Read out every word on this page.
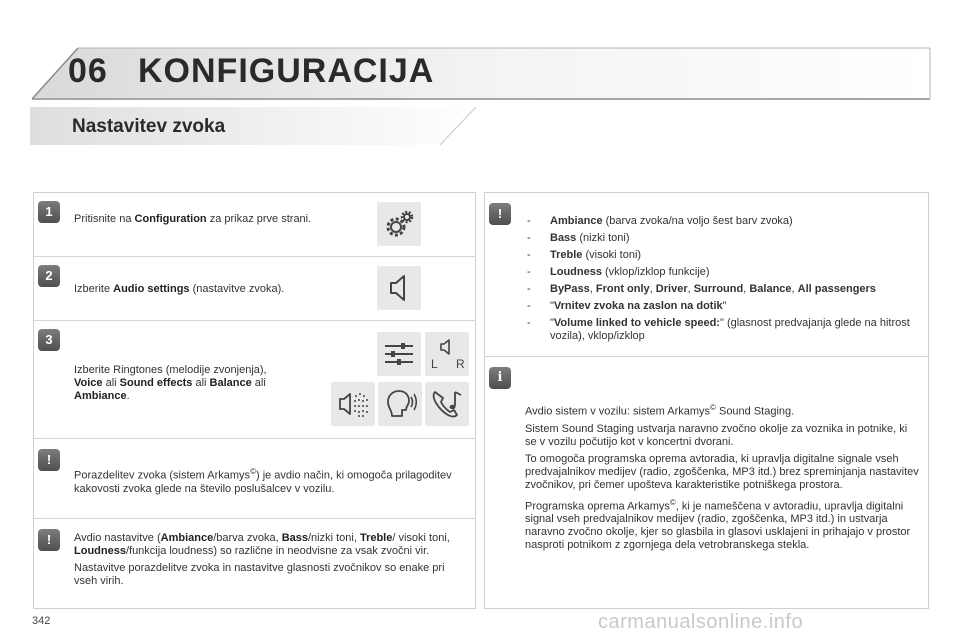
06 KONFIGURACIJA
Nastavitev zvoka
1	Pritisnite na Configuration za prikaz prve strani.
2
Izberite Audio settings (nastavitve zvoka).
3
Izberite Ringtones (melodije zvonjenja),
Voice ali Sound effects ali Balance ali
Ambiance.
L R
!
Porazdelitev zvoka (sistem Arkamys©) je avdio način, ki omogoča prilagoditev kakovosti zvoka glede na število poslušalcev v vozilu.
!	Avdio nastavitve (Ambiance/barva zvoka, Bass/nizki toni, Treble/ visoki toni, Loudness/funkcija loudness) so različne in neodvisne za vsak zvočni vir.
Nastavitve porazdelitve zvoka in nastavitve glasnosti zvočnikov so enake pri vseh virih.
!	- Ambiance (barva zvoka/na voljo šest barv zvoka)
- Bass (nizki toni)
- Treble (visoki toni)
- Loudness (vklop/izklop funkcije)
- ByPass, Front only, Driver, Surround, Balance, All passengers
- "Vrnitev zvoka na zaslon na dotik"
- "Volume linked to vehicle speed:" (glasnost predvajanja glede na hitrost vozila), vklop/izklop
i
Avdio sistem v vozilu: sistem Arkamys© Sound Staging.
Sistem Sound Staging ustvarja naravno zvočno okolje za voznika in potnike, ki se v vozilu počutijo kot v koncertni dvorani.
To omogoča programska oprema avtoradia, ki upravlja digitalne signale vseh predvajalnikov medijev (radio, zgoščenka, MP3 itd.) brez spreminjanja nastavitev zvočnikov, pri čemer upošteva karakteristike potniškega prostora.
Programska oprema Arkamys©, ki je nameščena v avtoradiu, upravlja digitalni signal vseh predvajalnikov medijev (radio, zgoščenka, MP3 itd.) in ustvarja naravno zvočno okolje, kjer so glasbila in glasovi usklajeni in prihajajo v prostor nasproti potnikom z zgornjega dela vetrobranskega stekla.
342	carmanualsonline.info
